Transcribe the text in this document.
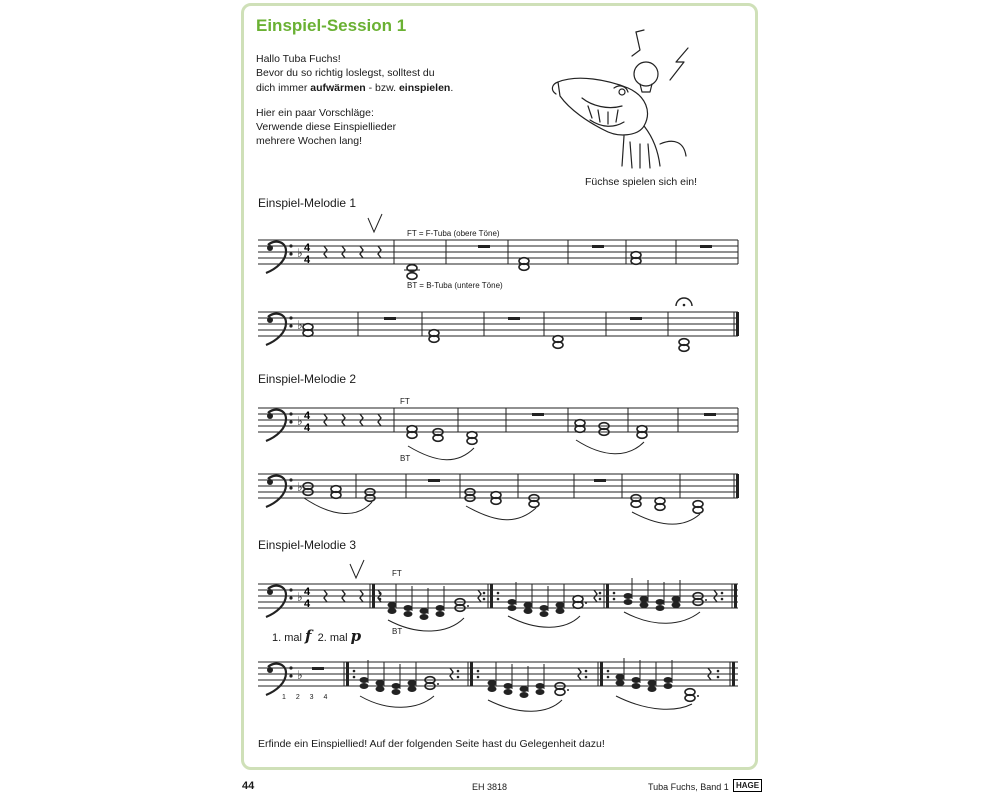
Einspiel-Session 1

Hallo Tuba Fuchs!
Bevor du so richtig loslegst, solltest du
dich immer aufwärmen - bzw. einspielen.

Hier ein paar Vorschläge:
Verwende diese Einspiellieder
mehrere Wochen lang!

Füchse spielen sich ein!
Einspiel-Melodie 1
Einspiel-Melodie 2
Einspiel-Melodie 3
FT = F-Tuba (obere Töne)
BT = B-Tuba (untere Töne)
FT
BT
FT
BT
1. mal f 2. mal p
1 2 3 4
♭
4
4
4
4
4
4
Erfinde ein Einspiellied! Auf der folgenden Seite hast du Gelegenheit dazu!
44	EH 3818	Tuba Fuchs, Band 1 HAGE
